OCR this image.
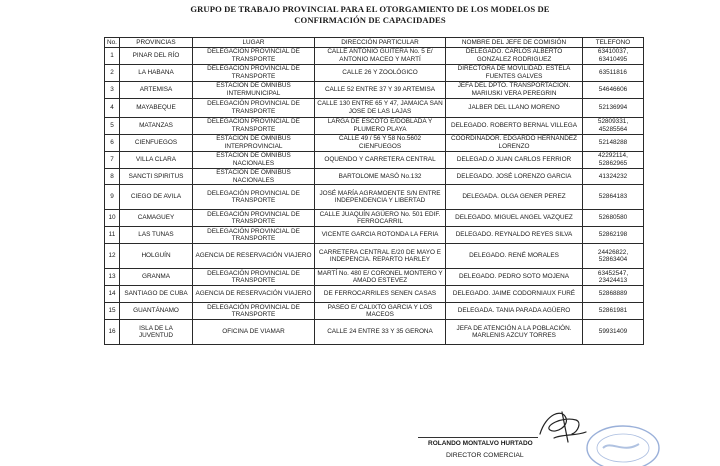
GRUPO DE TRABAJO PROVINCIAL PARA EL OTORGAMIENTO DE LOS MODELOS DE
CONFIRMACIÓN DE CAPACIDADES
No.	PROVINCIAS	LUGAR	DIRECCIÓN PARTICULAR	NOMBRE DEL JEFE DE COMISIÓN	TELEFONO
1	PINAR DEL RÍO	DELEGACIÓN PROVINCIAL DE TRANSPORTE	CALLE ANTONIO GUITERA No. 5 E/ ANTONIO MACEO Y MARTÍ	DELEGADO. CARLOS ALBERTO GONZALEZ RODRIGUEZ	63410037, 63410495
2	LA HABANA	DELEGACIÓN PROVINCIAL DE TRANSPORTE	CALLE 26 Y ZOOLÓGICO	DIRECTORA DE MOVILIDAD. ESTELA FUENTES GALVES	63511816
3	ARTEMISA	ESTACIÓN DE ÓMNIBUS INTERMUNICIPAL	CALLE 52 ENTRE 37 Y 39 ARTEMISA	JEFA DEL DPTO. TRANSPORTACIÓN. MARIUSKI VERA PEREGRIN	54646606
4	MAYABEQUE	DELEGACIÓN PROVINCIAL DE TRANSPORTE	CALLE 130 ENTRE 65 Y 47, JAMAICA SAN JOSE DE LAS LAJAS	JALBER DEL LLANO MORENO	52136994
5	MATANZAS	DELEGACIÓN PROVINCIAL DE TRANSPORTE	LARGA DE ESCOTO E/DOBLADA Y PLUMERO PLAYA	DELEGADO. ROBERTO BERNAL VILLEGA	52809331, 45285564
6	CIENFUEGOS	ESTACIÓN DE ÓMNIBUS INTERPROVINCIAL	CALLE 49 / 56 Y 58 No.5602 CIENFUEGOS	COORDINADOR. EDGARDO HERNÁNDEZ LORENZO	52148288
7	VILLA CLARA	ESTACIÓN DE ÓMNIBUS NACIONALES	OQUENDO Y CARRETERA CENTRAL	DELEGAD.O JUAN CARLOS FERRIOR	42292114, 52862965
8	SANCTI SPIRITUS	ESTACIÓN DE ÓMNIBUS NACIONALES	BARTOLOME MASÓ No.132	DELEGADO. JOSÉ LORENZO GARCIA	41324232
9	CIEGO DE AVILA	DELEGACIÓN PROVINCIAL DE TRANSPORTE	JOSÉ MARÍA AGRAMOENTE S/N ENTRE INDEPENDENCIA Y LIBERTAD	DELEGADA. OLGA GENER PEREZ	52864183
10	CAMAGUEY	DELEGACIÓN PROVINCIAL DE TRANSPORTE	CALLE JUAQUÍN AGÜERO No. 501 EDIF. FERROCARRIL	DELEGADO. MIGUEL ANGEL VAZQUEZ	52680580
11	LAS TUNAS	DELEGACIÓN PROVINCIAL DE TRANSPORTE	VICENTE GARCIA ROTONDA LA FERIA	DELEGADO. REYNALDO REYES SILVA	52862198
12	HOLGUÍN	AGENCIA DE RESERVACIÓN VIAJERO	CARRETERA CENTRAL E/20 DE MAYO E INDEPENCIA. REPARTO HARLEY	DELEGADO. RENÉ MORALES	24426822, 52863404
13	GRANMA	DELEGACIÓN PROVINCIAL DE TRANSPORTE	MARTÍ No. 480 E/ CORONEL MONTERO Y AMADO ESTEVEZ	DELEGADO. PEDRO SOTO MOJENA	63452547, 23424413
14	SANTIAGO DE CUBA	AGENCIA DE RESERVACIÓN VIAJERO	DE FERROCARRILES SENEN CASAS	DELEGADO. JAIME CODORNIAUX FURÉ	52868889
15	GUANTÁNAMO	DELEGACIÓN PROVINCIAL DE TRANSPORTE	PASEO E/ CALIXTO GARCIA Y LOS MACEOS	DELEGADA. TANIA PARADA AGÜERO	52861981
16	ISLA DE LA JUVENTUD	OFICINA DE VIAMAR	CALLE 24 ENTRE 33 Y 35 GERONA	JEFA DE ATENCIÓN A LA POBLACIÓN. MARLENIS AZCUY TORRES	59931409
ROLANDO MONTALVO HURTADO
DIRECTOR COMERCIAL
